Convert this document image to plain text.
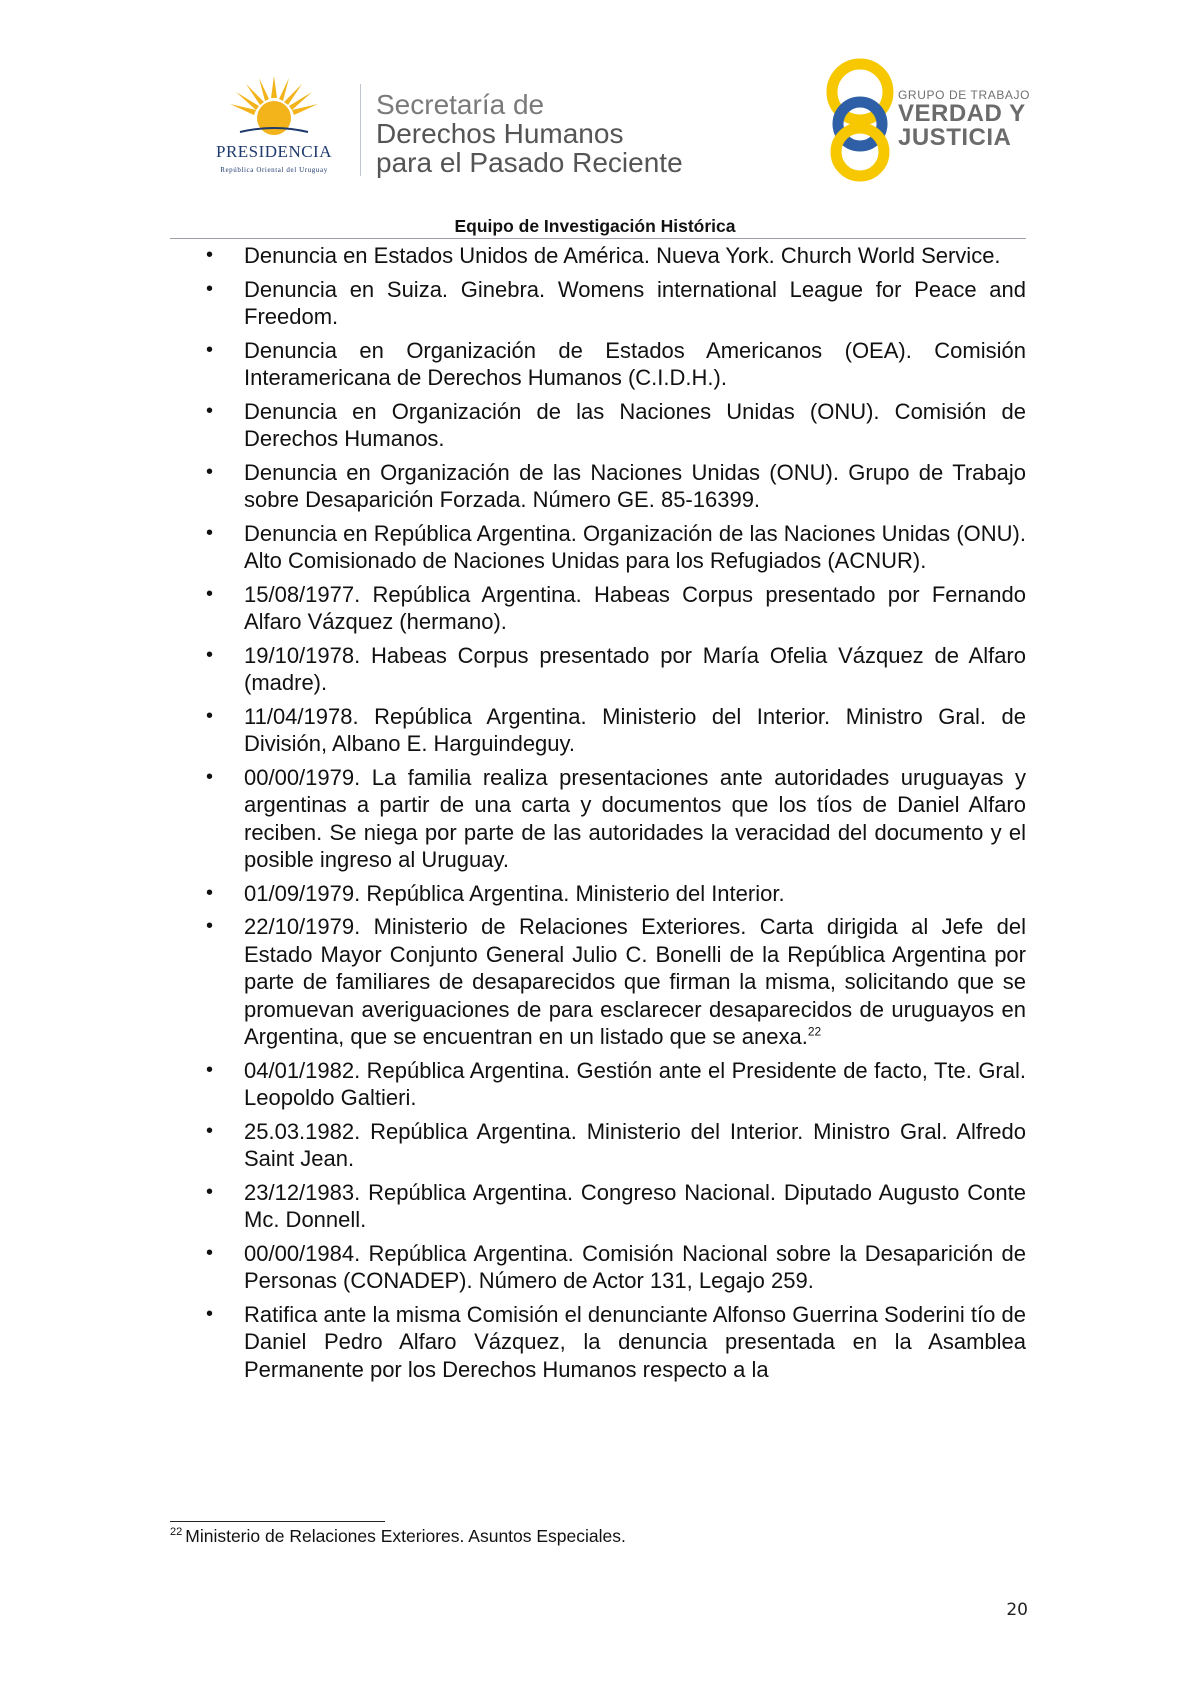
PRESIDENCIA
República Oriental del Uruguay
Secretaría de
Derechos Humanos
para el Pasado Reciente
GRUPO DE TRABAJO
VERDAD Y
JUSTICIA
Equipo de Investigación Histórica
• Denuncia en Estados Unidos de América. Nueva York. Church World Service.
• Denuncia en Suiza. Ginebra. Womens international League for Peace and Freedom.
• Denuncia en Organización de Estados Americanos (OEA). Comisión Interamericana de Derechos Humanos (C.I.D.H.).
• Denuncia en Organización de las Naciones Unidas (ONU). Comisión de Derechos Humanos.
• Denuncia en Organización de las Naciones Unidas (ONU). Grupo de Trabajo sobre Desaparición Forzada. Número GE. 85-16399.
• Denuncia en República Argentina. Organización de las Naciones Unidas (ONU). Alto Comisionado de Naciones Unidas para los Refugiados (ACNUR).
• 15/08/1977. República Argentina. Habeas Corpus presentado por Fernando Alfaro Vázquez (hermano).
• 19/10/1978. Habeas Corpus presentado por María Ofelia Vázquez de Alfaro (madre).
• 11/04/1978. República Argentina. Ministerio del Interior. Ministro Gral. de División, Albano E. Harguindeguy.
• 00/00/1979. La familia realiza presentaciones ante autoridades uruguayas y argentinas a partir de una carta y documentos que los tíos de Daniel Alfaro reciben. Se niega por parte de las autoridades la veracidad del documento y el posible ingreso al Uruguay.
• 01/09/1979. República Argentina. Ministerio del Interior.
• 22/10/1979. Ministerio de Relaciones Exteriores. Carta dirigida al Jefe del Estado Mayor Conjunto General Julio C. Bonelli de la República Argentina por parte de familiares de desaparecidos que firman la misma, solicitando que se promuevan averiguaciones de para esclarecer desaparecidos de uruguayos en Argentina, que se encuentran en un listado que se anexa.$^{22}$
• 04/01/1982. República Argentina. Gestión ante el Presidente de facto, Tte. Gral. Leopoldo Galtieri.
• 25.03.1982. República Argentina. Ministerio del Interior. Ministro Gral. Alfredo Saint Jean.
• 23/12/1983. República Argentina. Congreso Nacional. Diputado Augusto Conte Mc. Donnell.
• 00/00/1984. República Argentina. Comisión Nacional sobre la Desaparición de Personas (CONADEP). Número de Actor 131, Legajo 259.
• Ratifica ante la misma Comisión el denunciante Alfonso Guerrina Soderini tío de Daniel Pedro Alfaro Vázquez, la denuncia presentada en la Asamblea Permanente por los Derechos Humanos respecto a la
$^{22}$ Ministerio de Relaciones Exteriores. Asuntos Especiales.
20
